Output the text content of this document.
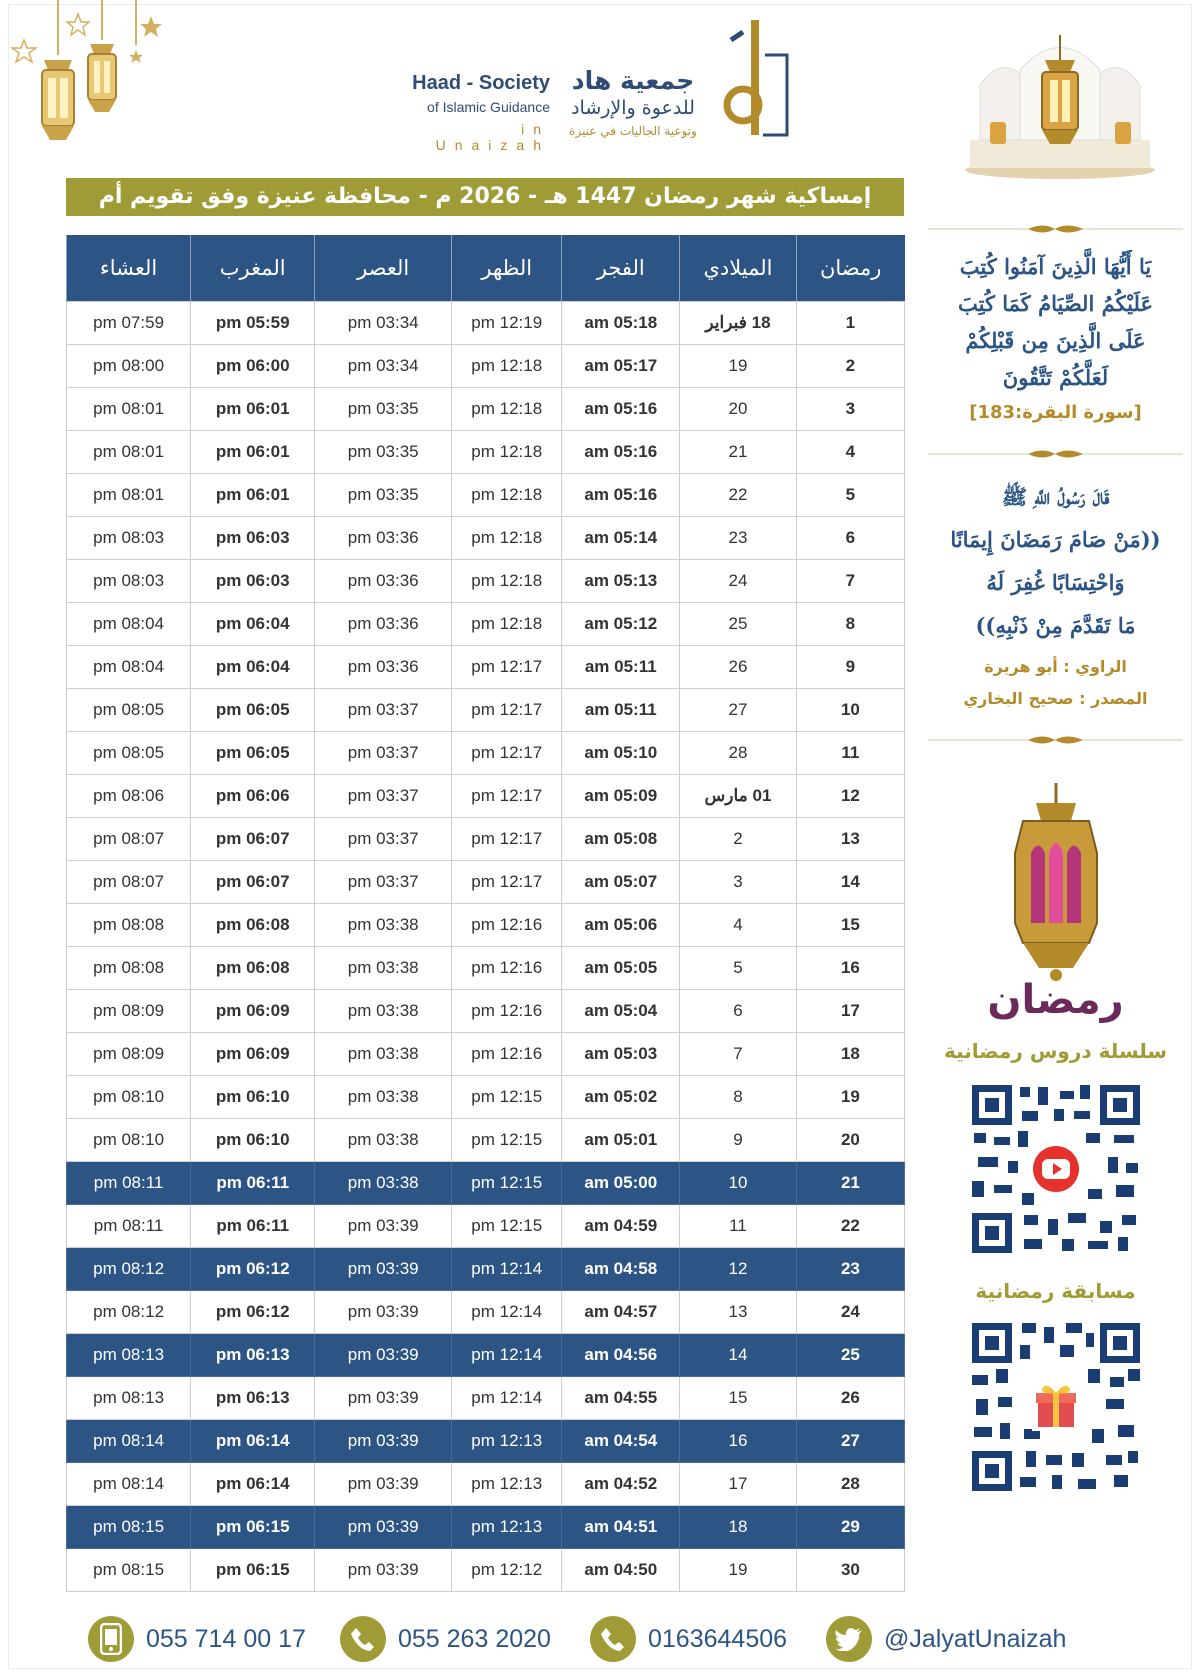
Haad - Society
of Islamic Guidance
in Unaizah
جمعية هاد
للدعوة والإرشاد
وتوعية الجاليات في عنيزة
إمساكية شهر رمضان 1447 هـ - 2026 م - محافظة عنيزة وفق تقويم أم
رمضان	الميلادي	الفجر	الظهر	العصر	المغرب	العشاء
1	18 فبراير	am 05:18	pm 12:19	pm 03:34	pm 05:59	pm 07:59
2	19	am 05:17	pm 12:18	pm 03:34	pm 06:00	pm 08:00
3	20	am 05:16	pm 12:18	pm 03:35	pm 06:01	pm 08:01
4	21	am 05:16	pm 12:18	pm 03:35	pm 06:01	pm 08:01
5	22	am 05:16	pm 12:18	pm 03:35	pm 06:01	pm 08:01
6	23	am 05:14	pm 12:18	pm 03:36	pm 06:03	pm 08:03
7	24	am 05:13	pm 12:18	pm 03:36	pm 06:03	pm 08:03
8	25	am 05:12	pm 12:18	pm 03:36	pm 06:04	pm 08:04
9	26	am 05:11	pm 12:17	pm 03:36	pm 06:04	pm 08:04
10	27	am 05:11	pm 12:17	pm 03:37	pm 06:05	pm 08:05
11	28	am 05:10	pm 12:17	pm 03:37	pm 06:05	pm 08:05
12	01 مارس	am 05:09	pm 12:17	pm 03:37	pm 06:06	pm 08:06
13	2	am 05:08	pm 12:17	pm 03:37	pm 06:07	pm 08:07
14	3	am 05:07	pm 12:17	pm 03:37	pm 06:07	pm 08:07
15	4	am 05:06	pm 12:16	pm 03:38	pm 06:08	pm 08:08
16	5	am 05:05	pm 12:16	pm 03:38	pm 06:08	pm 08:08
17	6	am 05:04	pm 12:16	pm 03:38	pm 06:09	pm 08:09
18	7	am 05:03	pm 12:16	pm 03:38	pm 06:09	pm 08:09
19	8	am 05:02	pm 12:15	pm 03:38	pm 06:10	pm 08:10
20	9	am 05:01	pm 12:15	pm 03:38	pm 06:10	pm 08:10
21	10	am 05:00	pm 12:15	pm 03:38	pm 06:11	pm 08:11
22	11	am 04:59	pm 12:15	pm 03:39	pm 06:11	pm 08:11
23	12	am 04:58	pm 12:14	pm 03:39	pm 06:12	pm 08:12
24	13	am 04:57	pm 12:14	pm 03:39	pm 06:12	pm 08:12
25	14	am 04:56	pm 12:14	pm 03:39	pm 06:13	pm 08:13
26	15	am 04:55	pm 12:14	pm 03:39	pm 06:13	pm 08:13
27	16	am 04:54	pm 12:13	pm 03:39	pm 06:14	pm 08:14
28	17	am 04:52	pm 12:13	pm 03:39	pm 06:14	pm 08:14
29	18	am 04:51	pm 12:13	pm 03:39	pm 06:15	pm 08:15
30	19	am 04:50	pm 12:12	pm 03:39	pm 06:15	pm 08:15
يَا أَيُّهَا الَّذِينَ آمَنُوا كُتِبَ
عَلَيْكُمُ الصِّيَامُ كَمَا كُتِبَ
عَلَى الَّذِينَ مِن قَبْلِكُمْ
لَعَلَّكُمْ تَتَّقُونَ
[سورة البقرة:183]
قَالَ رَسُولُ اللَّهِ ﷺ
((مَنْ صَامَ رَمَضَانَ إِيمَانًا
وَاحْتِسَابًا غُفِرَ لَهُ
مَا تَقَدَّمَ مِنْ ذَنْبِهِ))
الراوي : أبو هريرة
المصدر : صحيح البخاري
رمضان
سلسلة دروس رمضانية
مسابقة رمضانية
055 714 00 17	055 263 2020	0163644506	@JalyatUnaizah
